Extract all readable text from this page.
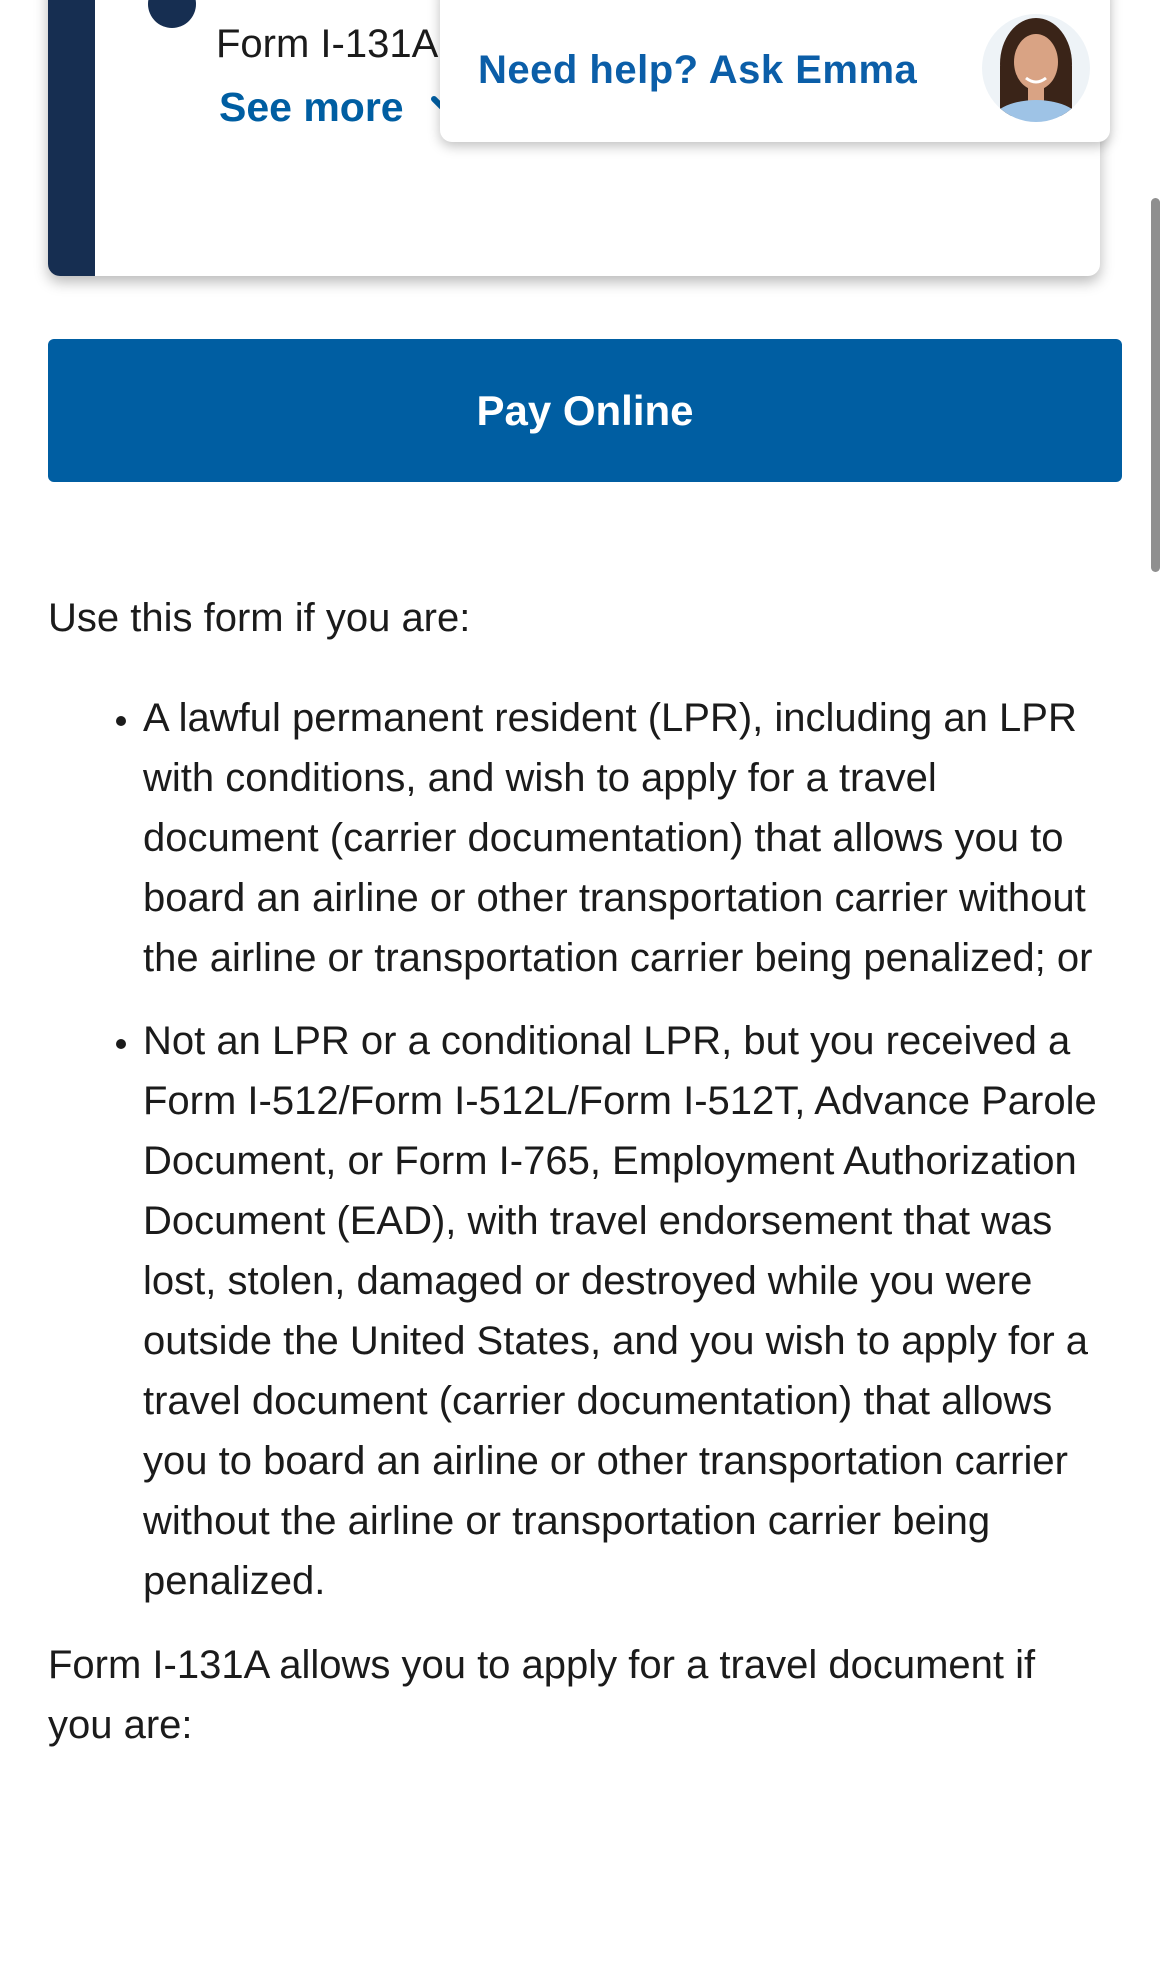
Form I-131A
See more
Need help? Ask Emma
Pay Online

Use this form if you are:

• A lawful permanent resident (LPR), including an LPR with conditions, and wish to apply for a travel document (carrier documentation) that allows you to board an airline or other transportation carrier without the airline or transportation carrier being penalized; or
• Not an LPR or a conditional LPR, but you received a Form I-512/Form I-512L/Form I-512T, Advance Parole Document, or Form I-765, Employment Authorization Document (EAD), with travel endorsement that was lost, stolen, damaged or destroyed while you were outside the United States, and you wish to apply for a travel document (carrier documentation) that allows you to board an airline or other transportation carrier without the airline or transportation carrier being penalized.

Form I-131A allows you to apply for a travel document if you are:
